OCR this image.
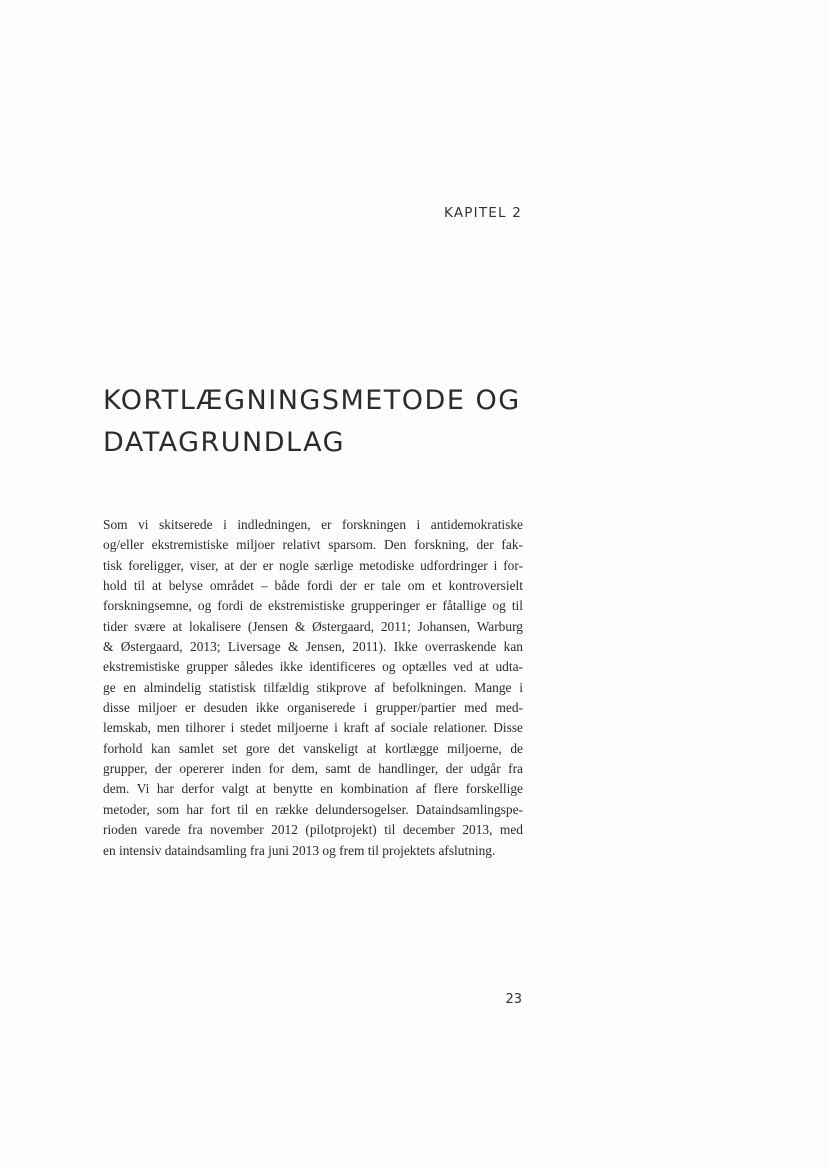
KAPITEL 2
KORTLÆGNINGSMETODE OG
DATAGRUNDLAG
Som vi skitserede i indledningen, er forskningen i antidemokratiske
og/eller ekstremistiske miljoer relativt sparsom. Den forskning, der fak-
tisk foreligger, viser, at der er nogle særlige metodiske udfordringer i for-
hold til at belyse området – både fordi der er tale om et kontroversielt
forskningsemne, og fordi de ekstremistiske grupperinger er fåtallige og til
tider svære at lokalisere (Jensen & Østergaard, 2011; Johansen, Warburg
& Østergaard, 2013; Liversage & Jensen, 2011). Ikke overraskende kan
ekstremistiske grupper således ikke identificeres og optælles ved at udta-
ge en almindelig statistisk tilfældig stikprove af befolkningen. Mange i
disse miljoer er desuden ikke organiserede i grupper/partier med med-
lemskab, men tilhorer i stedet miljoerne i kraft af sociale relationer. Disse
forhold kan samlet set gore det vanskeligt at kortlægge miljoerne, de
grupper, der opererer inden for dem, samt de handlinger, der udgår fra
dem. Vi har derfor valgt at benytte en kombination af flere forskellige
metoder, som har fort til en række delundersogelser. Dataindsamlingspe-
rioden varede fra november 2012 (pilotprojekt) til december 2013, med
en intensiv dataindsamling fra juni 2013 og frem til projektets afslutning.
23
